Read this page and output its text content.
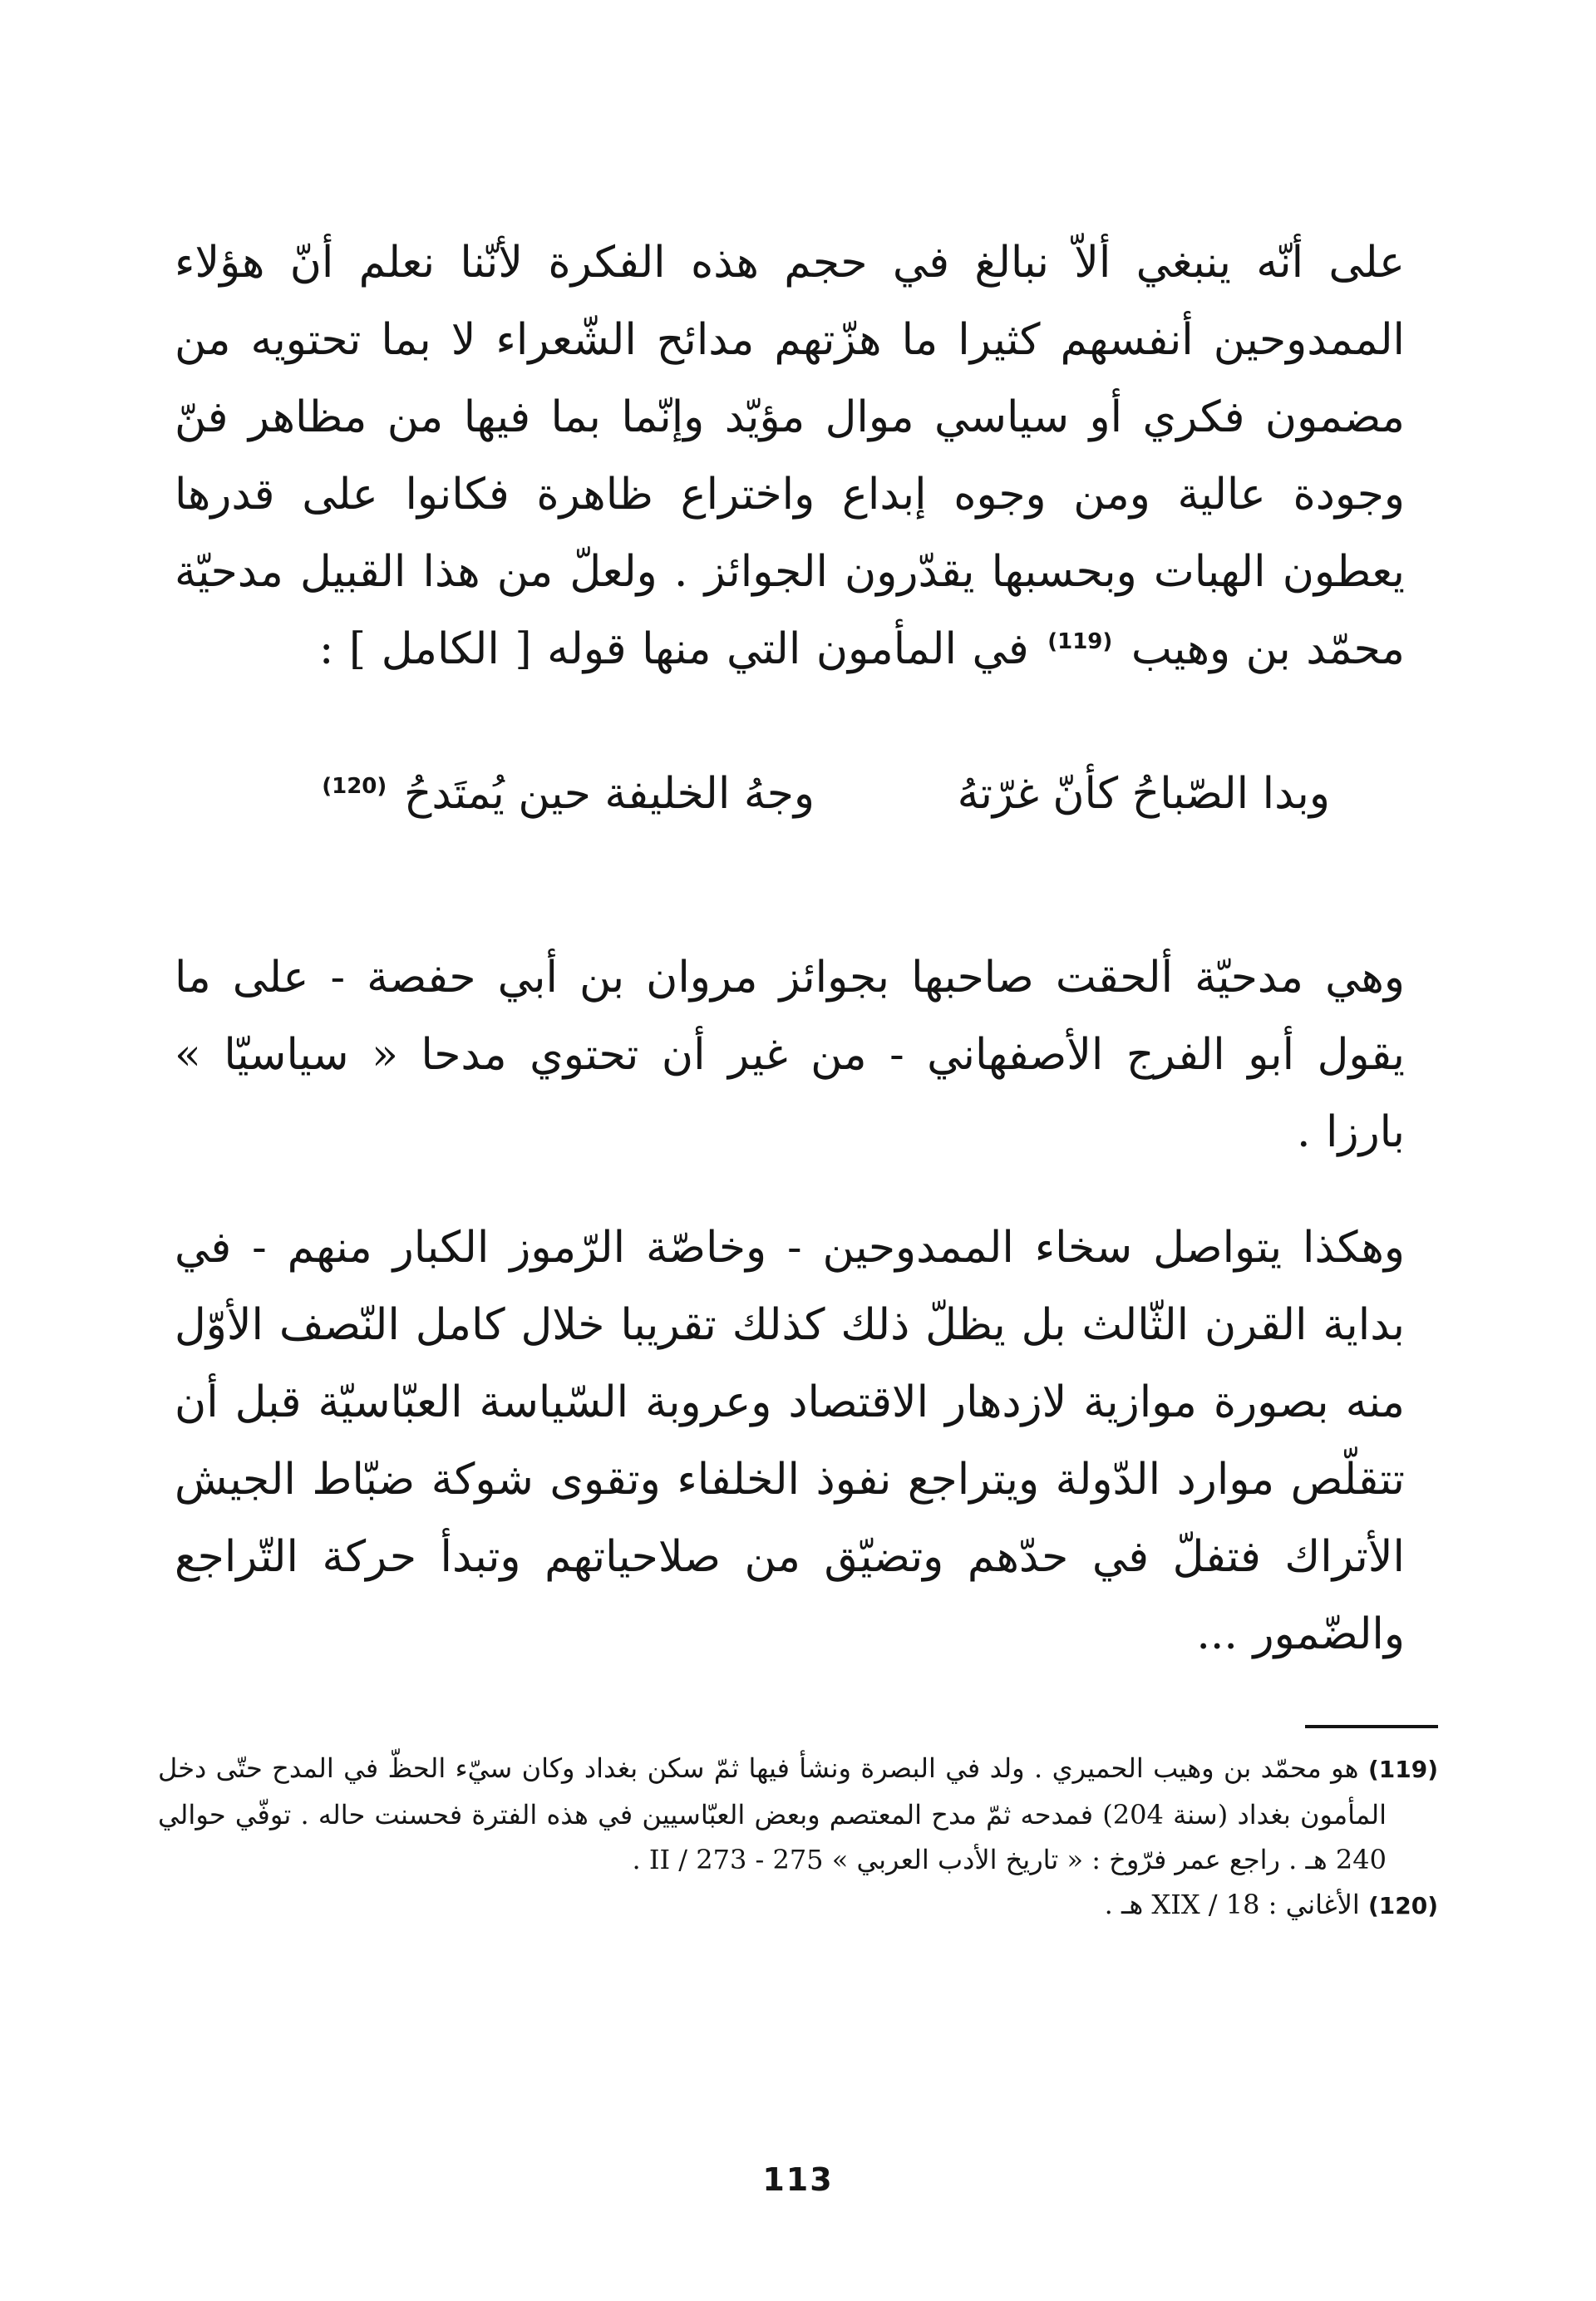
على أنّه ينبغي ألاّ نبالغ في حجم هذه الفكرة لأنّنا نعلم أنّ هؤلاء الممدوحين أنفسهم كثيرا ما هزّتهم مدائح الشّعراء لا بما تحتويه من مضمون فكري أو سياسي موال مؤيّد وإنّما بما فيها من مظاهر فنّ وجودة عالية ومن وجوه إبداع واختراع ظاهرة فكانوا على قدرها يعطون الهبات وبحسبها يقدّرون الجوائز . ولعلّ من هذا القبيل مدحيّة محمّد بن وهيب $^{(119)}$ في المأمون التي منها قوله [ الكامل ] :
وبدا الصّباحُ كأنّ غرّتهُ
وجهُ الخليفة حين يُمتَدحُ $^{(120)}$
وهي مدحيّة ألحقت صاحبها بجوائز مروان بن أبي حفصة - على ما يقول أبو الفرج الأصفهاني - من غير أن تحتوي مدحا « سياسيّا » بارزا .
وهكذا يتواصل سخاء الممدوحين - وخاصّة الرّموز الكبار منهم - في بداية القرن الثّالث بل يظلّ ذلك كذلك تقريبا خلال كامل النّصف الأوّل منه بصورة موازية لازدهار الاقتصاد وعروبة السّياسة العبّاسيّة قبل أن تتقلّص موارد الدّولة ويتراجع نفوذ الخلفاء وتقوى شوكة ضبّاط الجيش الأتراك فتفلّ في حدّهم وتضيّق من صلاحياتهم وتبدأ حركة التّراجع والضّمور ...
(119) هو محمّد بن وهيب الحميري . ولد في البصرة ونشأ فيها ثمّ سكن بغداد وكان سيّء الحظّ في المدح حتّى دخل المأمون بغداد (سنة 204) فمدحه ثمّ مدح المعتصم وبعض العبّاسيين في هذه الفترة فحسنت حاله . توفّي حوالي 240 هـ . راجع عمر فرّوخ : « تاريخ الأدب العربي » II / 273 - 275 .
(120) الأغاني : XIX / 18 هـ .
113
